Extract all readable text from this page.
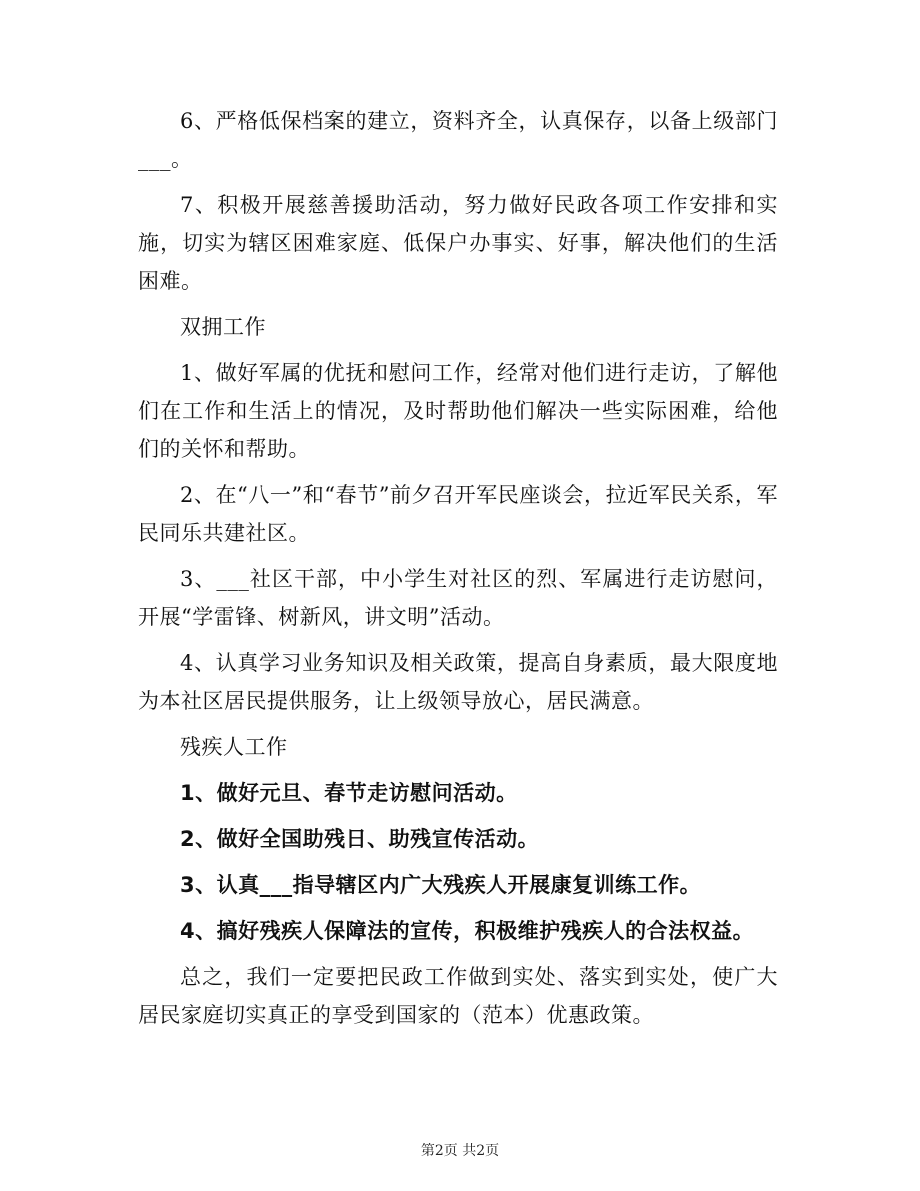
6、严格低保档案的建立，资料齐全，认真保存，以备上级部门___。

7、积极开展慈善援助活动，努力做好民政各项工作安排和实施，切实为辖区困难家庭、低保户办事实、好事，解决他们的生活困难。

双拥工作

1、做好军属的优抚和慰问工作，经常对他们进行走访，了解他们在工作和生活上的情况，及时帮助他们解决一些实际困难，给他们的关怀和帮助。

2、在“八一”和“春节”前夕召开军民座谈会，拉近军民关系，军民同乐共建社区。

3、___社区干部，中小学生对社区的烈、军属进行走访慰问，开展“学雷锋、树新风，讲文明”活动。

4、认真学习业务知识及相关政策，提高自身素质，最大限度地为本社区居民提供服务，让上级领导放心，居民满意。

残疾人工作

1、做好元旦、春节走访慰问活动。

2、做好全国助残日、助残宣传活动。

3、认真___指导辖区内广大残疾人开展康复训练工作。

4、搞好残疾人保障法的宣传，积极维护残疾人的合法权益。

总之，我们一定要把民政工作做到实处、落实到实处，使广大居民家庭切实真正的享受到国家的（范本）优惠政策。

第2页 共2页
